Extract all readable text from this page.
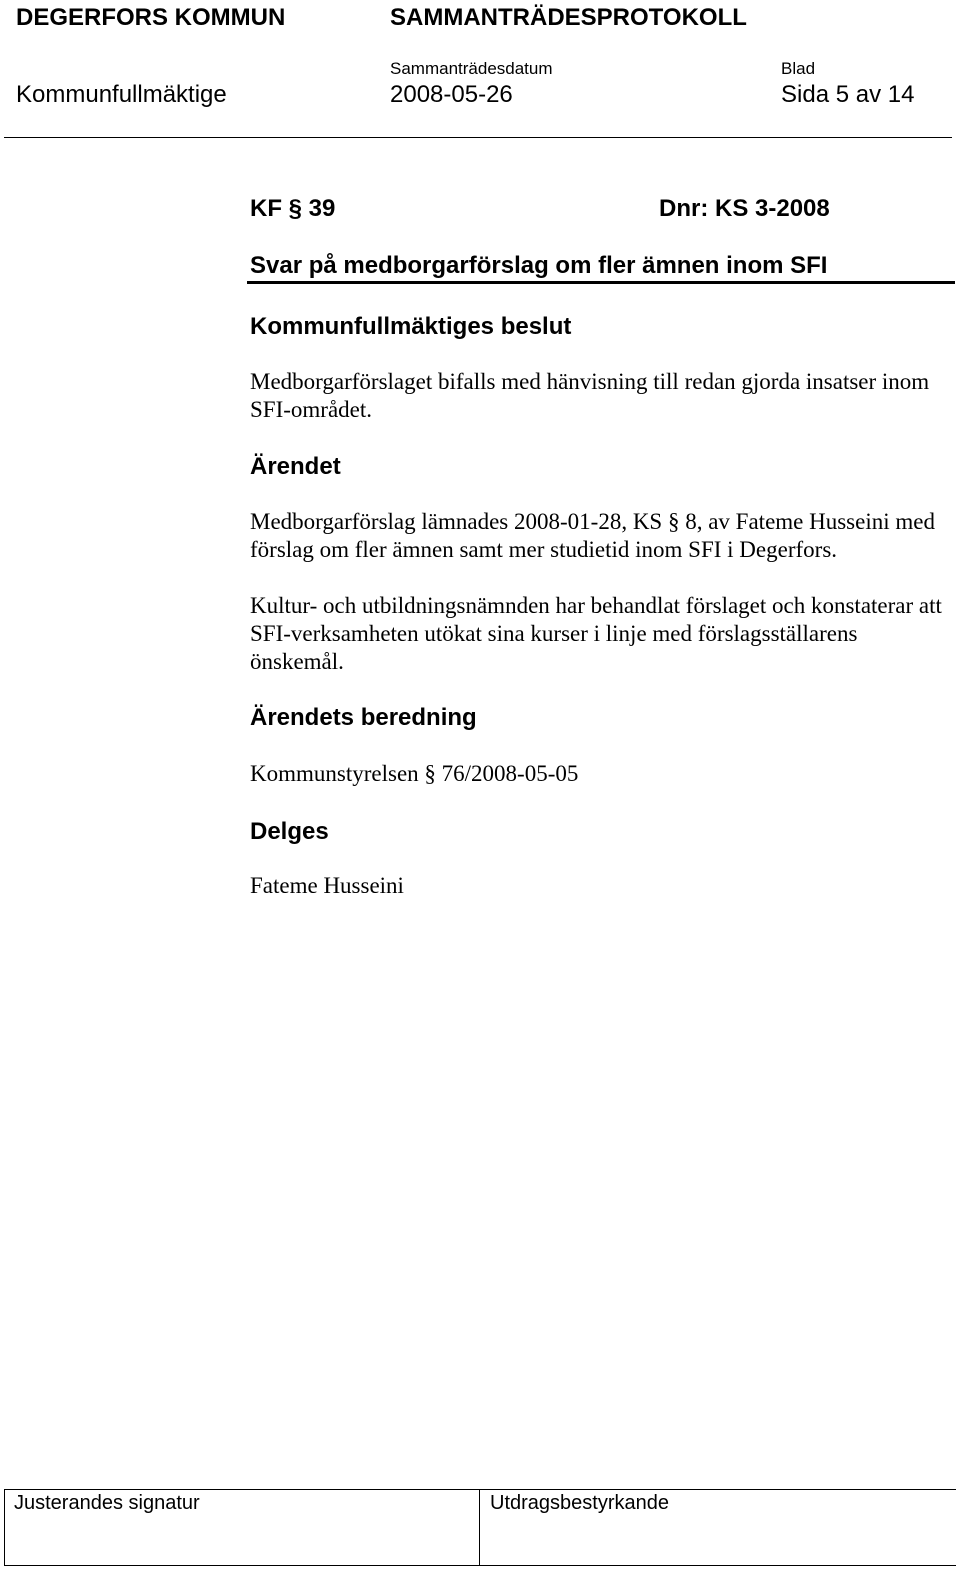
DEGERFORS KOMMUN	SAMMANTRÄDESPROTOKOLL
Sammanträdesdatum	Blad
Kommunfullmäktige	2008-05-26	Sida 5 av 14
KF § 39	Dnr: KS 3-2008
Svar på medborgarförslag om fler ämnen inom SFI
Kommunfullmäktiges beslut
Medborgarförslaget bifalls med hänvisning till redan gjorda insatser inom SFI-området.
Ärendet
Medborgarförslag lämnades 2008-01-28, KS § 8, av Fateme Husseini med förslag om fler ämnen samt mer studietid inom SFI i Degerfors.
Kultur- och utbildningsnämnden har behandlat förslaget och konstaterar att SFI-verksamheten utökat sina kurser i linje med förslagsställarens önskemål.
Ärendets beredning
Kommunstyrelsen § 76/2008-05-05
Delges
Fateme Husseini
Justerandes signatur	Utdragsbestyrkande
